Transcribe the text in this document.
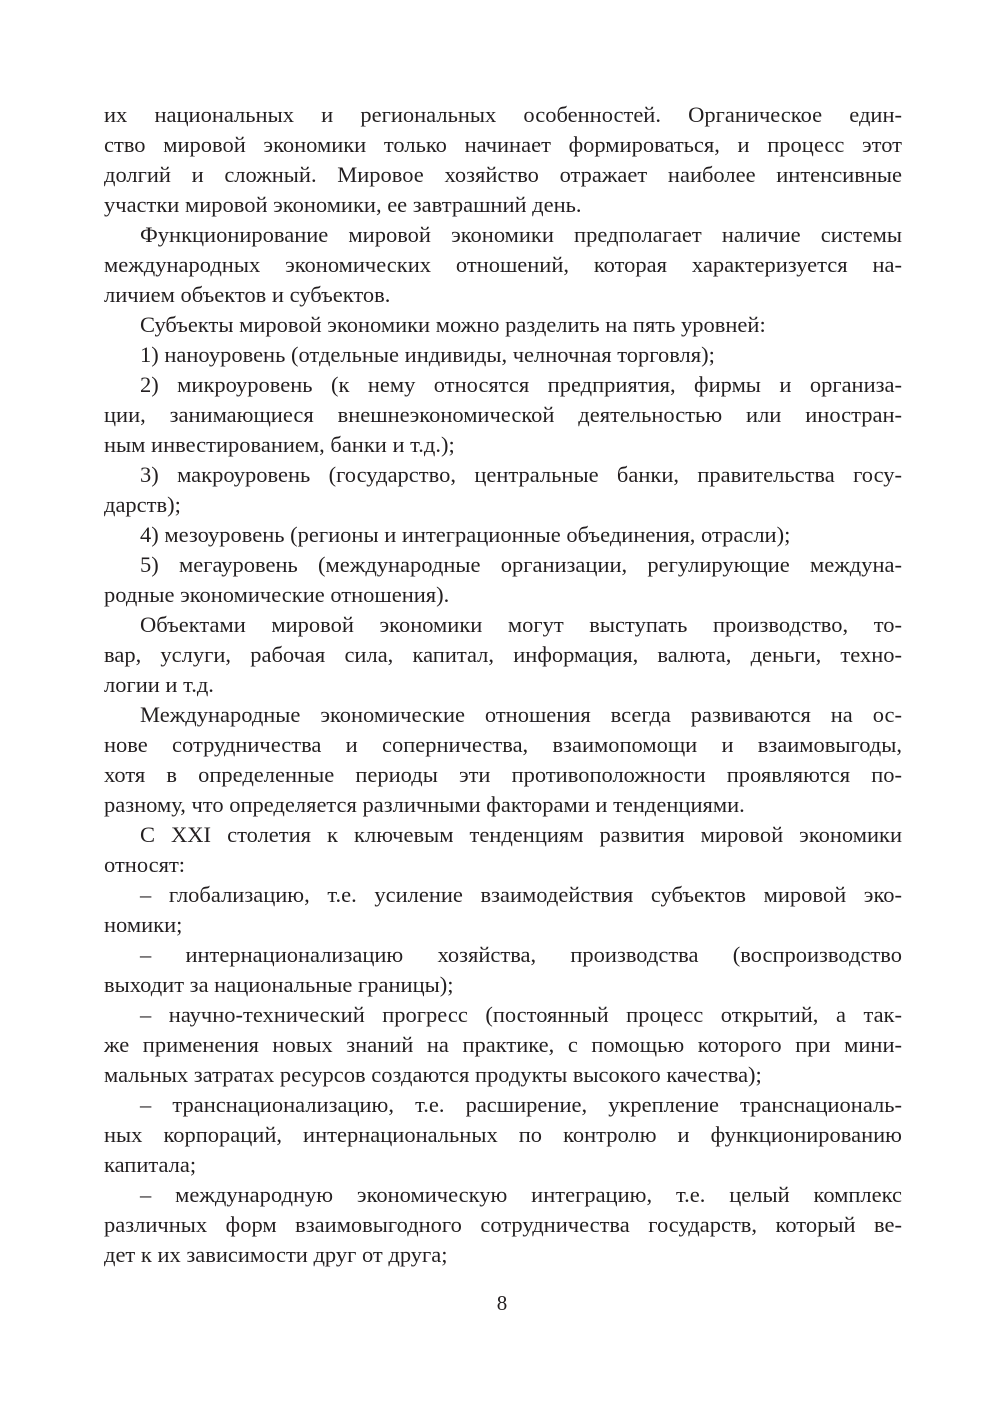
их национальных и региональных особенностей. Органическое един-
ство мировой экономики только начинает формироваться, и процесс этот
долгий и сложный. Мировое хозяйство отражает наиболее интенсивные
участки мировой экономики, ее завтрашний день.
Функционирование мировой экономики предполагает наличие системы
международных экономических отношений, которая характеризуется на-
личием объектов и субъектов.
Субъекты мировой экономики можно разделить на пять уровней:
1) наноуровень (отдельные индивиды, челночная торговля);
2) микроуровень (к нему относятся предприятия, фирмы и организа-
ции, занимающиеся внешнеэкономической деятельностью или иностран-
ным инвестированием, банки и т.д.);
3) макроуровень (государство, центральные банки, правительства госу-
дарств);
4) мезоуровень (регионы и интеграционные объединения, отрасли);
5) мегауровень (международные организации, регулирующие междуна-
родные экономические отношения).
Объектами мировой экономики могут выступать производство, то-
вар, услуги, рабочая сила, капитал, информация, валюта, деньги, техно-
логии и т.д.
Международные экономические отношения всегда развиваются на ос-
нове сотрудничества и соперничества, взаимопомощи и взаимовыгоды,
хотя в определенные периоды эти противоположности проявляются по-
разному, что определяется различными факторами и тенденциями.
С XXI столетия к ключевым тенденциям развития мировой экономики
относят:
– глобализацию, т.е. усиление взаимодействия субъектов мировой эко-
номики;
– интернационализацию хозяйства, производства (воспроизводство
выходит за национальные границы);
– научно-технический прогресс (постоянный процесс открытий, а так-
же применения новых знаний на практике, с помощью которого при мини-
мальных затратах ресурсов создаются продукты высокого качества);
– транснационализацию, т.е. расширение, укрепление транснациональ-
ных корпораций, интернациональных по контролю и функционированию
капитала;
– международную экономическую интеграцию, т.е. целый комплекс
различных форм взаимовыгодного сотрудничества государств, который ве-
дет к их зависимости друг от друга;
8
